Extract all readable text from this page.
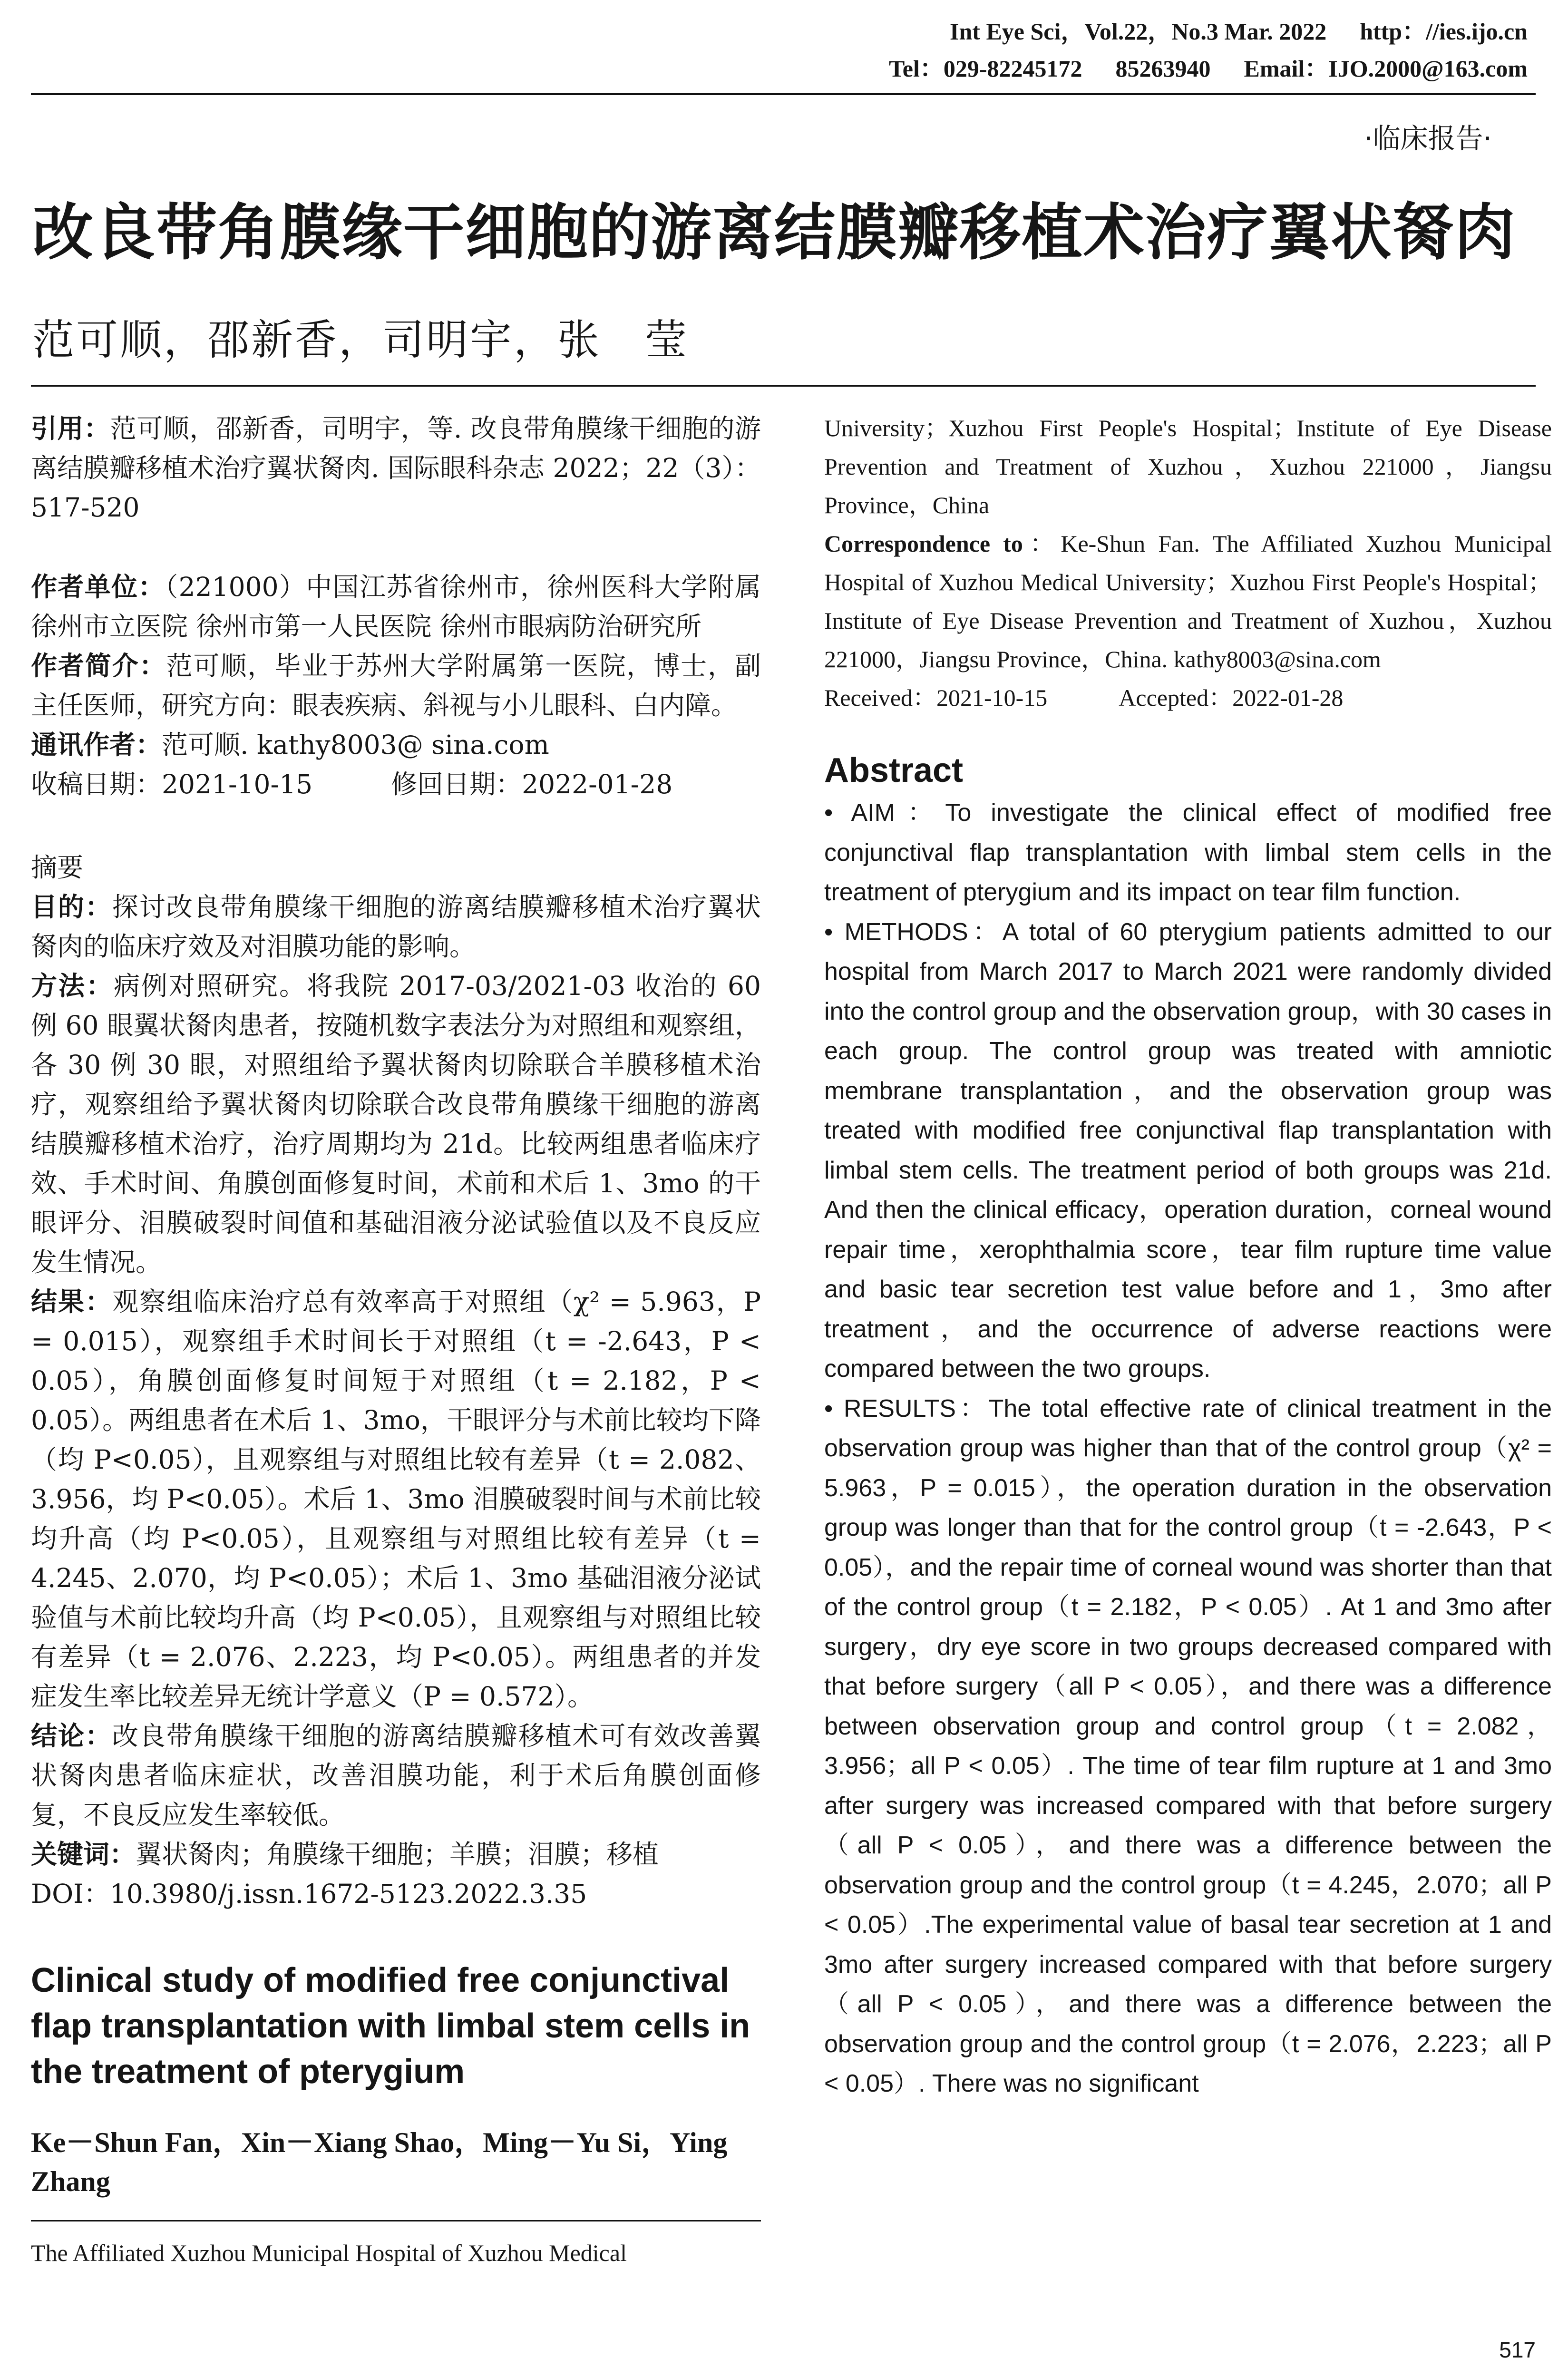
Int Eye Sci，Vol.22，No.3 Mar. 2022 http：//ies.ijo.cn
Tel：029-82245172 85263940 Email：IJO.2000@163.com
·临床报告·
改良带角膜缘干细胞的游离结膜瓣移植术治疗翼状胬肉
范可顺，邵新香，司明宇，张　莹

引用：范可顺，邵新香，司明宇，等. 改良带角膜缘干细胞的游离结膜瓣移植术治疗翼状胬肉. 国际眼科杂志 2022；22（3）：517-520

作者单位：（221000）中国江苏省徐州市，徐州医科大学附属徐州市立医院 徐州市第一人民医院 徐州市眼病防治研究所

作者简介：范可顺，毕业于苏州大学附属第一医院，博士，副主任医师，研究方向：眼表疾病、斜视与小儿眼科、白内障。

通讯作者：范可顺. kathy8003@ sina.com

收稿日期：2021-10-15　　　修回日期：2022-01-28

摘要

目的：探讨改良带角膜缘干细胞的游离结膜瓣移植术治疗翼状胬肉的临床疗效及对泪膜功能的影响。

方法：病例对照研究。将我院 2017-03/2021-03 收治的 60 例 60 眼翼状胬肉患者，按随机数字表法分为对照组和观察组，各 30 例 30 眼，对照组给予翼状胬肉切除联合羊膜移植术治疗，观察组给予翼状胬肉切除联合改良带角膜缘干细胞的游离结膜瓣移植术治疗，治疗周期均为 21d。比较两组患者临床疗效、手术时间、角膜创面修复时间，术前和术后 1、3mo 的干眼评分、泪膜破裂时间值和基础泪液分泌试验值以及不良反应发生情况。

结果：观察组临床治疗总有效率高于对照组（χ² = 5.963，P = 0.015），观察组手术时间长于对照组（t = -2.643，P < 0.05），角膜创面修复时间短于对照组（t = 2.182，P < 0.05）。两组患者在术后 1、3mo，干眼评分与术前比较均下降（均 P<0.05），且观察组与对照组比较有差异（t = 2.082、3.956，均 P<0.05）。术后 1、3mo 泪膜破裂时间与术前比较均升高（均 P<0.05），且观察组与对照组比较有差异（t = 4.245、2.070，均 P<0.05）；术后 1、3mo 基础泪液分泌试验值与术前比较均升高（均 P<0.05），且观察组与对照组比较有差异（t = 2.076、2.223，均 P<0.05）。两组患者的并发症发生率比较差异无统计学意义（P = 0.572）。

结论：改良带角膜缘干细胞的游离结膜瓣移植术可有效改善翼状胬肉患者临床症状，改善泪膜功能，利于术后角膜创面修复，不良反应发生率较低。

关键词：翼状胬肉；角膜缘干细胞；羊膜；泪膜；移植

DOI：10.3980/j.issn.1672-5123.2022.3.35

Clinical study of modified free conjunctival flap transplantation with limbal stem cells in the treatment of pterygium

Ke－Shun Fan，Xin－Xiang Shao，Ming－Yu Si，Ying Zhang

The Affiliated Xuzhou Municipal Hospital of Xuzhou Medical

University；Xuzhou First People's Hospital；Institute of Eye Disease Prevention and Treatment of Xuzhou，Xuzhou 221000，Jiangsu Province，China

Correspondence to：Ke-Shun Fan. The Affiliated Xuzhou Municipal Hospital of Xuzhou Medical University；Xuzhou First People's Hospital；Institute of Eye Disease Prevention and Treatment of Xuzhou，Xuzhou 221000，Jiangsu Province，China. kathy8003@sina.com

Received：2021-10-15　　　Accepted：2022-01-28

Abstract

• AIM：To investigate the clinical effect of modified free conjunctival flap transplantation with limbal stem cells in the treatment of pterygium and its impact on tear film function.

• METHODS：A total of 60 pterygium patients admitted to our hospital from March 2017 to March 2021 were randomly divided into the control group and the observation group，with 30 cases in each group. The control group was treated with amniotic membrane transplantation，and the observation group was treated with modified free conjunctival flap transplantation with limbal stem cells. The treatment period of both groups was 21d. And then the clinical efficacy，operation duration，corneal wound repair time，xerophthalmia score，tear film rupture time value and basic tear secretion test value before and 1，3mo after treatment，and the occurrence of adverse reactions were compared between the two groups.

• RESULTS：The total effective rate of clinical treatment in the observation group was higher than that of the control group（χ² = 5.963，P = 0.015），the operation duration in the observation group was longer than that for the control group（t = -2.643，P < 0.05），and the repair time of corneal wound was shorter than that of the control group（t = 2.182，P < 0.05）. At 1 and 3mo after surgery，dry eye score in two groups decreased compared with that before surgery（all P < 0.05），and there was a difference between observation group and control group（t = 2.082，3.956；all P < 0.05）. The time of tear film rupture at 1 and 3mo after surgery was increased compared with that before surgery（all P < 0.05），and there was a difference between the observation group and the control group（t = 4.245，2.070；all P < 0.05）.The experimental value of basal tear secretion at 1 and 3mo after surgery increased compared with that before surgery（all P < 0.05），and there was a difference between the observation group and the control group（t = 2.076，2.223；all P < 0.05）. There was no significant

517
